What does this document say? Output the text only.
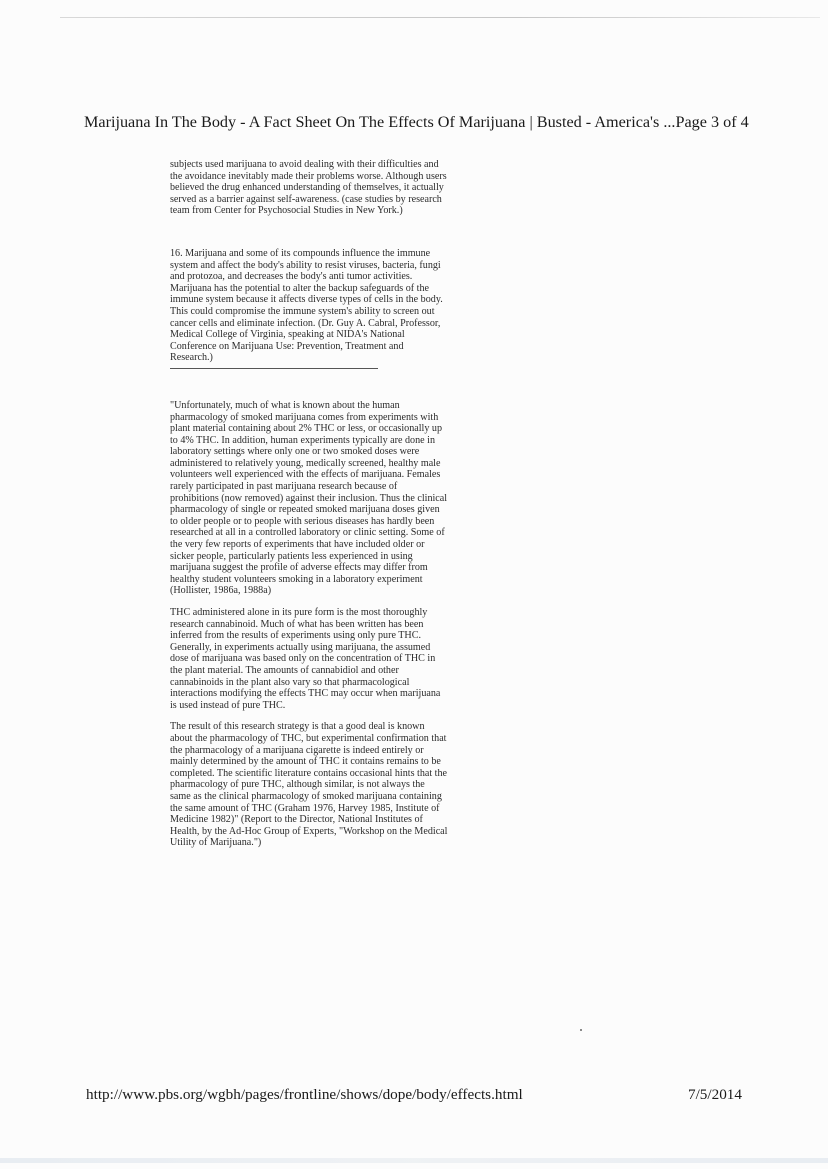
Marijuana In The Body - A Fact Sheet On The Effects Of Marijuana | Busted - America's ... Page 3 of 4

subjects used marijuana to avoid dealing with their difficulties and the avoidance inevitably made their problems worse. Although users believed the drug enhanced understanding of themselves, it actually served as a barrier against self-awareness. (case studies by research team from Center for Psychosocial Studies in New York.)

16. Marijuana and some of its compounds influence the immune system and affect the body's ability to resist viruses, bacteria, fungi and protozoa, and decreases the body's anti tumor activities. Marijuana has the potential to alter the backup safeguards of the immune system because it affects diverse types of cells in the body. This could compromise the immune system's ability to screen out cancer cells and eliminate infection. (Dr. Guy A. Cabral, Professor, Medical College of Virginia, speaking at NIDA's National Conference on Marijuana Use: Prevention, Treatment and Research.)

"Unfortunately, much of what is known about the human pharmacology of smoked marijuana comes from experiments with plant material containing about 2% THC or less, or occasionally up to 4% THC. In addition, human experiments typically are done in laboratory settings where only one or two smoked doses were administered to relatively young, medically screened, healthy male volunteers well experienced with the effects of marijuana. Females rarely participated in past marijuana research because of prohibitions (now removed) against their inclusion. Thus the clinical pharmacology of single or repeated smoked marijuana doses given to older people or to people with serious diseases has hardly been researched at all in a controlled laboratory or clinic setting. Some of the very few reports of experiments that have included older or sicker people, particularly patients less experienced in using marijuana suggest the profile of adverse effects may differ from healthy student volunteers smoking in a laboratory experiment (Hollister, 1986a, 1988a)

THC administered alone in its pure form is the most thoroughly research cannabinoid. Much of what has been written has been inferred from the results of experiments using only pure THC. Generally, in experiments actually using marijuana, the assumed dose of marijuana was based only on the concentration of THC in the plant material. The amounts of cannabidiol and other cannabinoids in the plant also vary so that pharmacological interactions modifying the effects THC may occur when marijuana is used instead of pure THC.

The result of this research strategy is that a good deal is known about the pharmacology of THC, but experimental confirmation that the pharmacology of a marijuana cigarette is indeed entirely or mainly determined by the amount of THC it contains remains to be completed. The scientific literature contains occasional hints that the pharmacology of pure THC, although similar, is not always the same as the clinical pharmacology of smoked marijuana containing the same amount of THC (Graham 1976, Harvey 1985, Institute of Medicine 1982)" (Report to the Director, National Institutes of Health, by the Ad-Hoc Group of Experts, "Workshop on the Medical Utility of Marijuana.")

http://www.pbs.org/wgbh/pages/frontline/shows/dope/body/effects.html	7/5/2014
